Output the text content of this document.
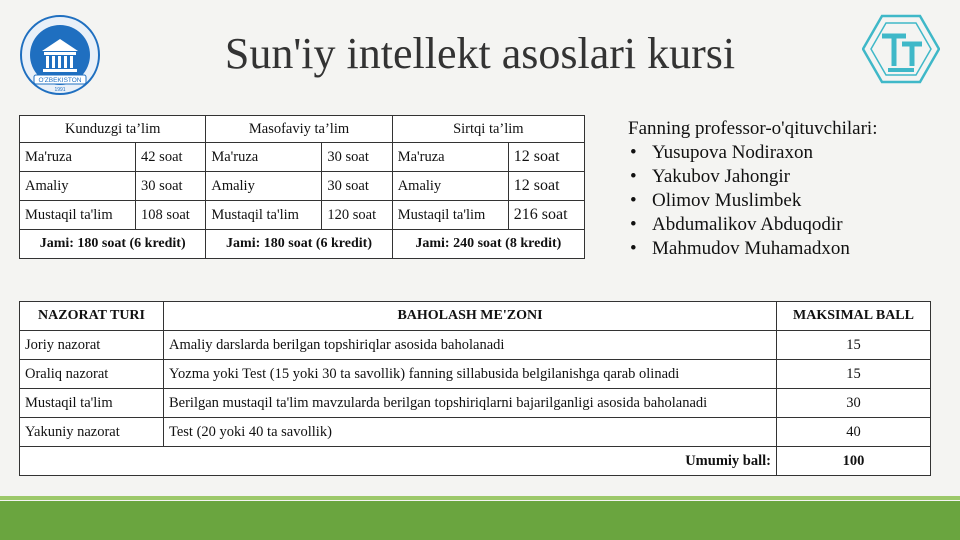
O'ZBEKISTON
1991
Sun'iy intellekt asoslari kursi
Kunduzgi ta’lim		Masofaviy ta’lim		Sirtqi ta’lim	
Ma'ruza	42 soat	Ma'ruza	30 soat	Ma'ruza	12 soat
Amaliy	30 soat	Amaliy	30 soat	Amaliy	12 soat
Mustaqil ta'lim	108 soat	Mustaqil ta'lim	120 soat	Mustaqil ta'lim	216 soat
Jami: 180 soat (6 kredit)		Jami: 180 soat (6 kredit)		Jami: 240 soat (8 kredit)	
Fanning professor-o'qituvchilari:
• Yusupova Nodiraxon
• Yakubov Jahongir
• Olimov Muslimbek
• Abdumalikov Abduqodir
• Mahmudov Muhamadxon
NAZORAT TURI	BAHOLASH ME'ZONI	MAKSIMAL BALL
Joriy nazorat	Amaliy darslarda berilgan topshiriqlar asosida baholanadi	15
Oraliq nazorat	Yozma yoki Test (15 yoki 30 ta savollik) fanning sillabusida belgilanishga qarab olinadi	15
Mustaqil ta'lim	Berilgan mustaqil ta'lim mavzularda berilgan topshiriqlarni bajarilganligi asosida baholanadi	30
Yakuniy nazorat	Test (20 yoki 40 ta savollik)	40
Umumiy ball:		100
